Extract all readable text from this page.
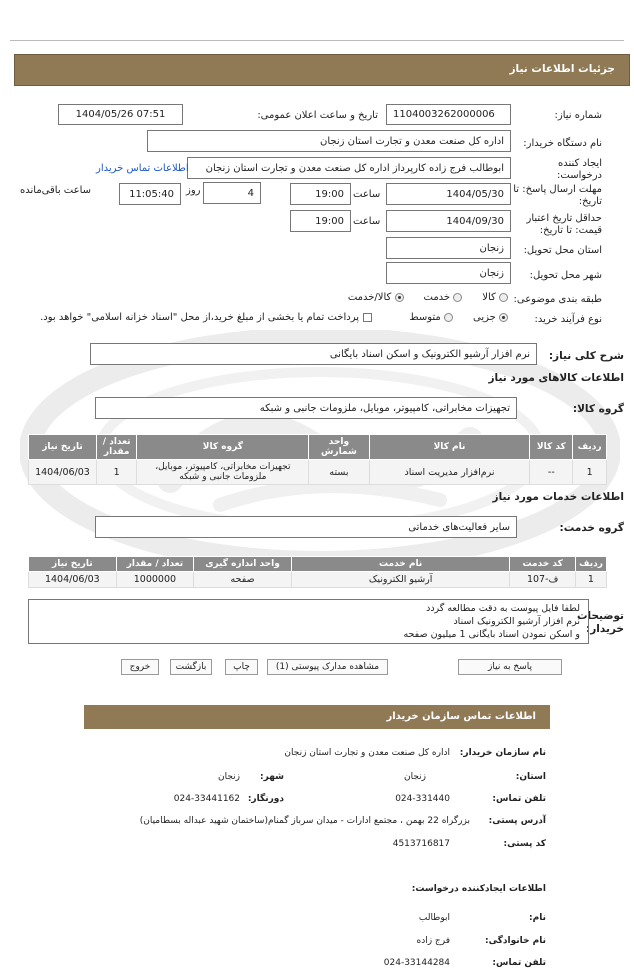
جزئیات اطلاعات نیاز
شماره نیاز:
1104003262000006
تاریخ و ساعت اعلان عمومی:
1404/05/26 07:51
نام دستگاه خریدار:
اداره کل صنعت معدن و تجارت استان زنجان
ایجاد کننده
درخواست:
ابوطالب فرج زاده کارپرداز اداره کل صنعت معدن و تجارت استان زنجان
اطلاعات تماس خریدار
مهلت ارسال پاسخ: تا
تاریخ:
1404/05/30
ساعت
19:00
4
روز
11:05:40
ساعت باقی‌مانده
حداقل تاریخ اعتبار
قیمت: تا تاریخ:
1404/09/30
ساعت
19:00
استان محل تحویل:
زنجان
شهر محل تحویل:
زنجان
طبقه بندی موضوعی:
کالا
خدمت
کالا/خدمت
نوع فرآیند خرید:
جزیی
متوسط
پرداخت تمام یا بخشی از مبلغ خرید،از محل "اسناد خزانه اسلامی" خواهد بود.
شرح کلی نیاز:
نرم افزار آرشیو الکترونیک و اسکن اسناد بایگانی
اطلاعات کالاهای مورد نیاز
گروه کالا:
تجهیزات مخابراتی، کامپیوتر، موبایل، ملزومات جانبی و شبکه
ردیف	کد کالا	نام کالا	واحد شمارش	گروه کالا	تعداد / مقدار	تاریخ نیاز
1	--	نرم‌افزار مدیریت اسناد	بسته	تجهیزات مخابراتی، کامپیوتر، موبایل، ملزومات جانبی و شبکه	1	1404/06/03
اطلاعات خدمات مورد نیاز
گروه خدمت:
سایر فعالیت‌های خدماتی
ردیف	کد خدمت	نام خدمت	واحد اندازه گیری	تعداد / مقدار	تاریخ نیاز
1	ف-107	آرشیو الکترونیک	صفحه	1000000	1404/06/03
توضیحات
خریدار:
لطفا فایل پیوست به دقت مطالعه گردد
نرم افزار آرشیو الکترونیک اسناد
و اسکن نمودن اسناد بایگانی 1 میلیون صفحه
پاسخ به نیاز
مشاهده مدارک پیوستی (1)
چاپ
بازگشت
خروج
اطلاعات تماس سازمان خریدار
نام سازمان خریدار:
اداره کل صنعت معدن و تجارت استان زنجان
استان:
زنجان
شهر:
زنجان
تلفن تماس:
024-331440
دورنگار:
024-33441162
آدرس پستی:
بزرگراه 22 بهمن ، مجتمع ادارات - میدان سرباز گمنام(ساختمان شهید عبداله بسطامیان)
کد پستی:
4513716817
اطلاعات ایجادکننده درخواست:
نام:
ابوطالب
نام خانوادگی:
فرج زاده
تلفن تماس:
024-33144284
